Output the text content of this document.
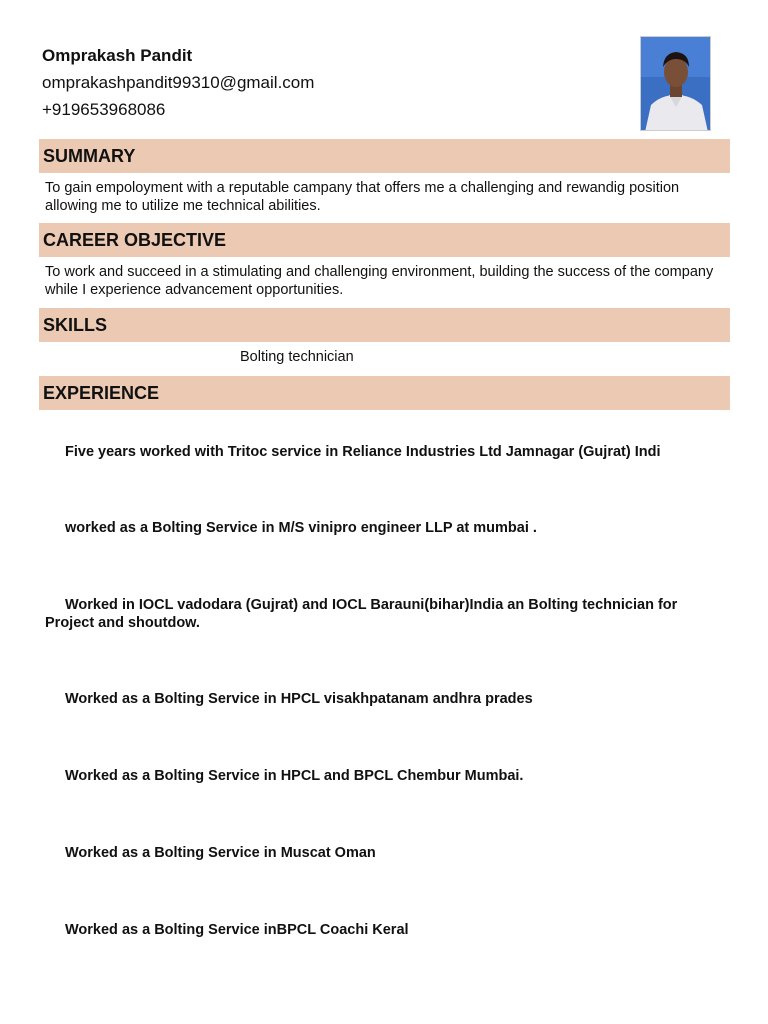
Omprakash Pandit
omprakashpandit99310@gmail.com
+919653968086
SUMMARY
To gain empoloyment with a reputable campany that offers me a challenging and rewandig position allowing me to utilize me technical abilities.
CAREER OBJECTIVE
To work and succeed in a stimulating and challenging environment, building the success of the company while I experience advancement opportunities.
SKILLS
Bolting technician
EXPERIENCE
Five years worked with Tritoc service in Reliance Industries Ltd Jamnagar (Gujrat) Indi
worked as a Bolting Service in M/S vinipro engineer LLP at mumbai .
Worked in IOCL vadodara (Gujrat) and IOCL Barauni(bihar)India an Bolting technician for Project and shoutdow.
Worked as a Bolting Service in HPCL visakhpatanam andhra prades
Worked as a Bolting Service in HPCL and BPCL Chembur Mumbai.
Worked as a Bolting Service in Muscat Oman
Worked as a Bolting Service inBPCL Coachi Keral
